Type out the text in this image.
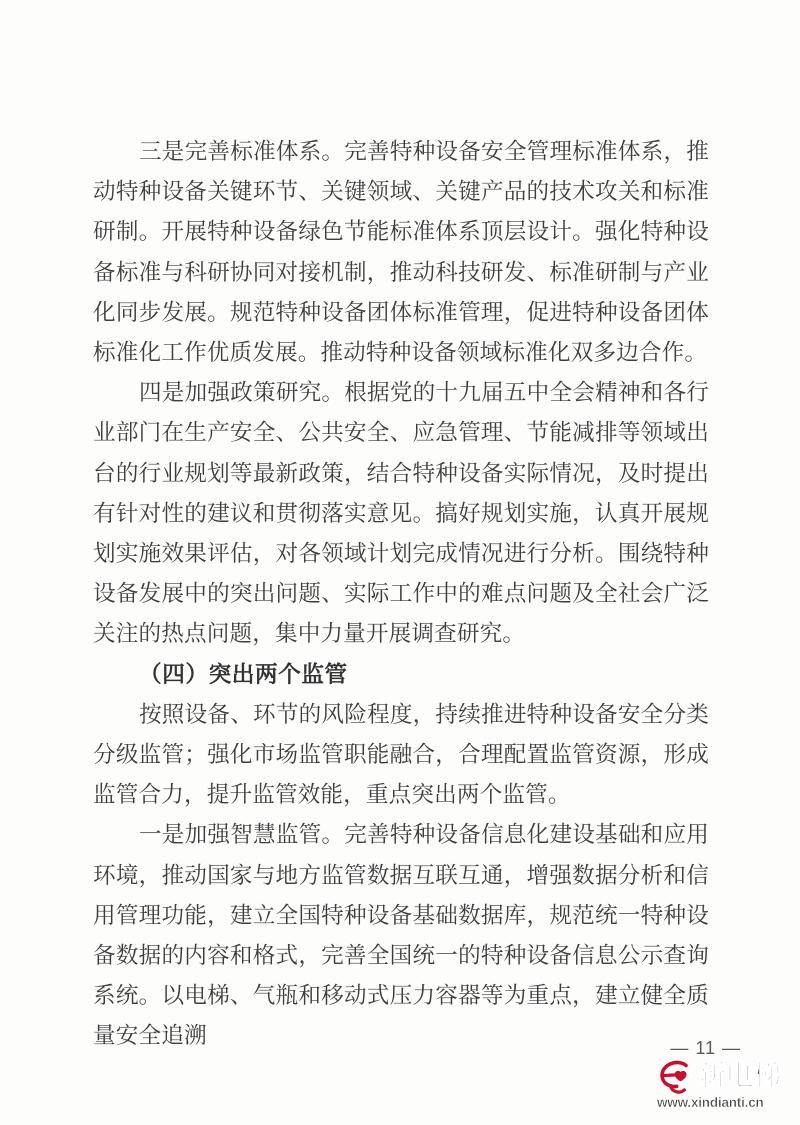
三是完善标准体系。完善特种设备安全管理标准体系，推动特种设备关键环节、关键领域、关键产品的技术攻关和标准研制。开展特种设备绿色节能标准体系顶层设计。强化特种设备标准与科研协同对接机制，推动科技研发、标准研制与产业化同步发展。规范特种设备团体标准管理，促进特种设备团体标准化工作优质发展。推动特种设备领域标准化双多边合作。

四是加强政策研究。根据党的十九届五中全会精神和各行业部门在生产安全、公共安全、应急管理、节能减排等领域出台的行业规划等最新政策，结合特种设备实际情况，及时提出有针对性的建议和贯彻落实意见。搞好规划实施，认真开展规划实施效果评估，对各领域计划完成情况进行分析。围绕特种设备发展中的突出问题、实际工作中的难点问题及全社会广泛关注的热点问题，集中力量开展调查研究。

（四）突出两个监管

按照设备、环节的风险程度，持续推进特种设备安全分类分级监管；强化市场监管职能融合，合理配置监管资源，形成监管合力，提升监管效能，重点突出两个监管。

一是加强智慧监管。完善特种设备信息化建设基础和应用环境，推动国家与地方监管数据互联互通，增强数据分析和信用管理功能，建立全国特种设备基础数据库，规范统一特种设备数据的内容和格式，完善全国统一的特种设备信息公示查询系统。以电梯、气瓶和移动式压力容器等为重点，建立健全质量安全追溯	— 11 —
新电梯
www.xindianti.cn
